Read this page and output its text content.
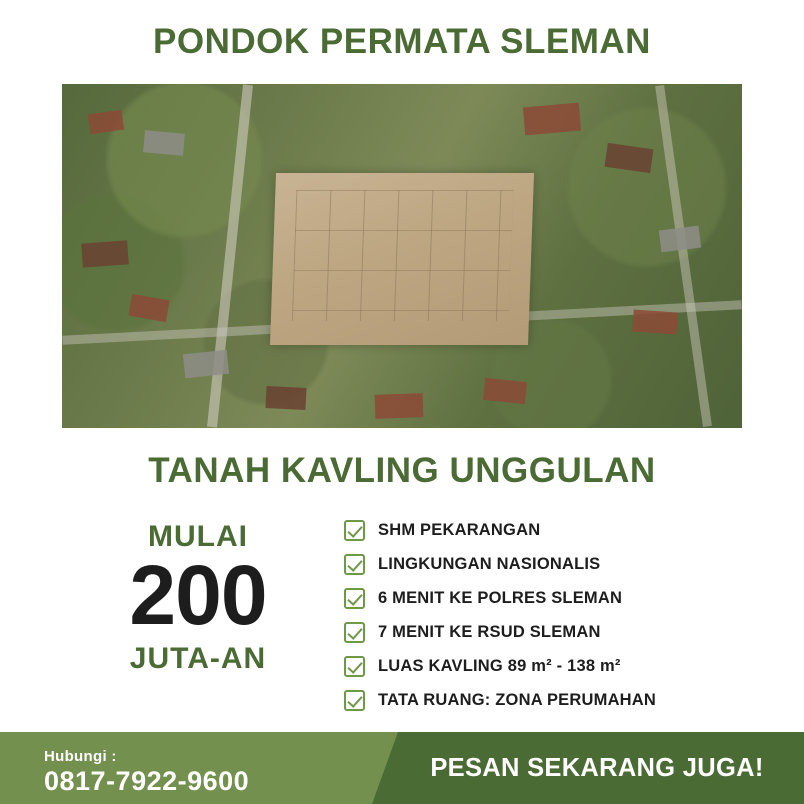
PONDOK PERMATA SLEMAN
TANAH KAVLING UNGGULAN
MULAI
200
JUTA-AN
SHM PEKARANGAN
LINGKUNGAN NASIONALIS
6 MENIT KE POLRES SLEMAN
7 MENIT KE RSUD SLEMAN
LUAS KAVLING 89 m² - 138 m²
TATA RUANG: ZONA PERUMAHAN
Hubungi :
0817-7922-9600	PESAN SEKARANG JUGA!
